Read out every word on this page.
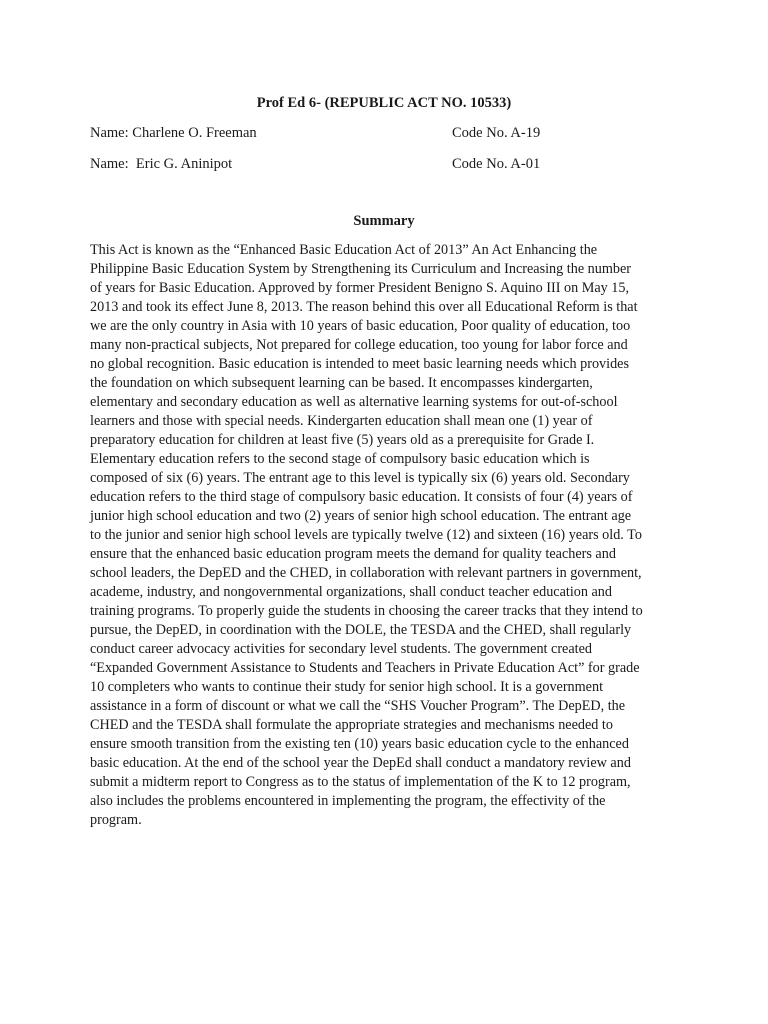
Prof Ed 6- (REPUBLIC ACT NO. 10533)
Name: Charlene O. Freeman	Code No. A-19
Name:  Eric G. Aninipot	Code No. A-01
Summary
This Act is known as the “Enhanced Basic Education Act of 2013” An Act Enhancing the
Philippine Basic Education System by Strengthening its Curriculum and Increasing the number
of years for Basic Education. Approved by former President Benigno S. Aquino III on May 15,
2013 and took its effect June 8, 2013. The reason behind this over all Educational Reform is that
we are the only country in Asia with 10 years of basic education, Poor quality of education, too
many non-practical subjects, Not prepared for college education, too young for labor force and
no global recognition. Basic education is intended to meet basic learning needs which provides
the foundation on which subsequent learning can be based. It encompasses kindergarten,
elementary and secondary education as well as alternative learning systems for out-of-school
learners and those with special needs. Kindergarten education shall mean one (1) year of
preparatory education for children at least five (5) years old as a prerequisite for Grade I.
Elementary education refers to the second stage of compulsory basic education which is
composed of six (6) years. The entrant age to this level is typically six (6) years old. Secondary
education refers to the third stage of compulsory basic education. It consists of four (4) years of
junior high school education and two (2) years of senior high school education. The entrant age
to the junior and senior high school levels are typically twelve (12) and sixteen (16) years old. To
ensure that the enhanced basic education program meets the demand for quality teachers and
school leaders, the DepED and the CHED, in collaboration with relevant partners in government,
academe, industry, and nongovernmental organizations, shall conduct teacher education and
training programs. To properly guide the students in choosing the career tracks that they intend to
pursue, the DepED, in coordination with the DOLE, the TESDA and the CHED, shall regularly
conduct career advocacy activities for secondary level students. The government created
“Expanded Government Assistance to Students and Teachers in Private Education Act” for grade
10 completers who wants to continue their study for senior high school. It is a government
assistance in a form of discount or what we call the “SHS Voucher Program”. The DepED, the
CHED and the TESDA shall formulate the appropriate strategies and mechanisms needed to
ensure smooth transition from the existing ten (10) years basic education cycle to the enhanced
basic education. At the end of the school year the DepEd shall conduct a mandatory review and
submit a midterm report to Congress as to the status of implementation of the K to 12 program,
also includes the problems encountered in implementing the program, the effectivity of the
program.
